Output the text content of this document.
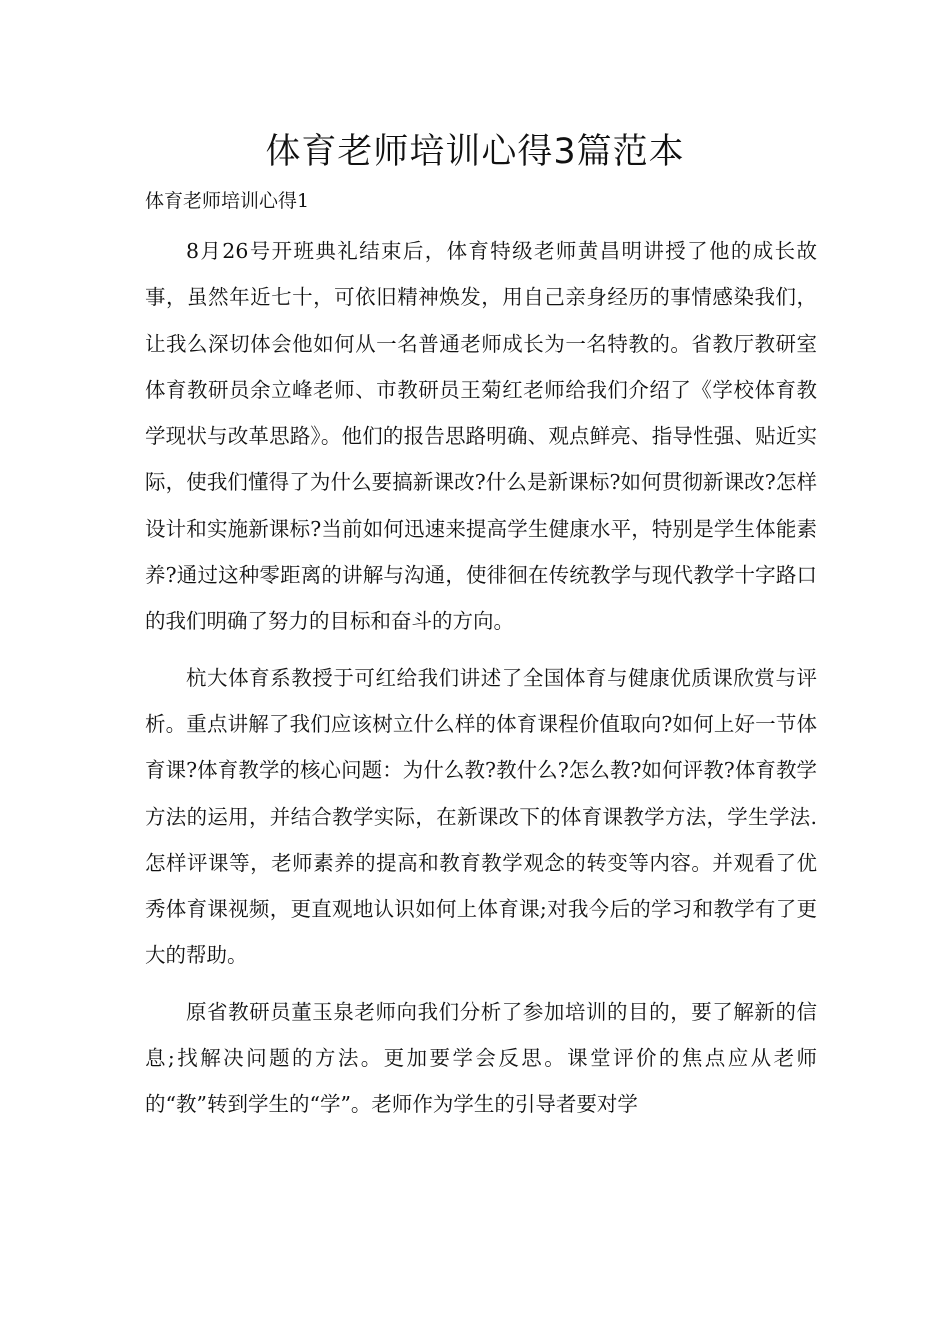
体育老师培训心得3篇范本
体育老师培训心得1

8月26号开班典礼结束后，体育特级老师黄昌明讲授了他的成长故事，虽然年近七十，可依旧精神焕发，用自己亲身经历的事情感染我们，让我么深切体会他如何从一名普通老师成长为一名特教的。省教厅教研室体育教研员余立峰老师、市教研员王菊红老师给我们介绍了《学校体育教学现状与改革思路》。他们的报告思路明确、观点鲜亮、指导性强、贴近实际，使我们懂得了为什么要搞新课改?什么是新课标?如何贯彻新课改?怎样设计和实施新课标?当前如何迅速来提高学生健康水平，特别是学生体能素养?通过这种零距离的讲解与沟通，使徘徊在传统教学与现代教学十字路口的我们明确了努力的目标和奋斗的方向。

杭大体育系教授于可红给我们讲述了全国体育与健康优质课欣赏与评析。重点讲解了我们应该树立什么样的体育课程价值取向?如何上好一节体育课?体育教学的核心问题：为什么教?教什么?怎么教?如何评教?体育教学方法的运用，并结合教学实际，在新课改下的体育课教学方法，学生学法.怎样评课等，老师素养的提高和教育教学观念的转变等内容。并观看了优秀体育课视频，更直观地认识如何上体育课;对我今后的学习和教学有了更大的帮助。

原省教研员董玉泉老师向我们分析了参加培训的目的，要了解新的信息;找解决问题的方法。更加要学会反思。课堂评价的焦点应从老师的“教”转到学生的“学”。老师作为学生的引导者要对学
